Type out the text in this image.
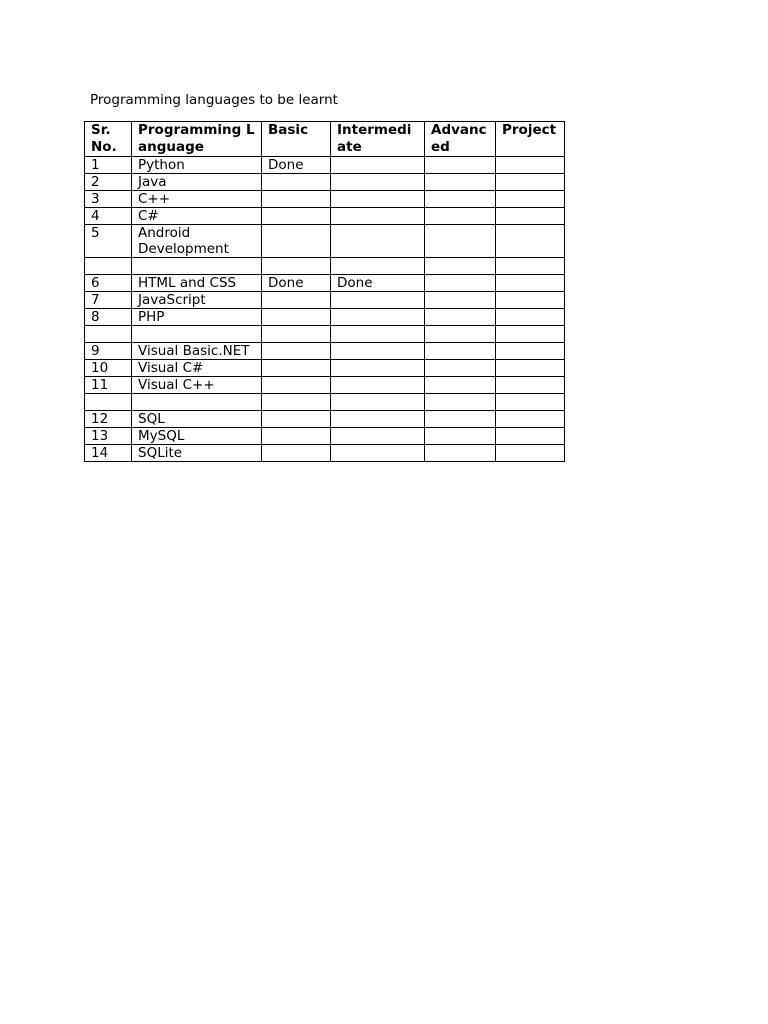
Programming languages to be learnt
Sr. No.	Programming Language	Basic	Intermediate	Advanced	Project
1	Python	Done			
2	Java				
3	C++				
4	C#				
5	Android Development				

6	HTML and CSS	Done	Done		
7	JavaScript				
8	PHP				

9	Visual Basic.NET				
10	Visual C#				
11	Visual C++				

12	SQL				
13	MySQL				
14	SQLite				
